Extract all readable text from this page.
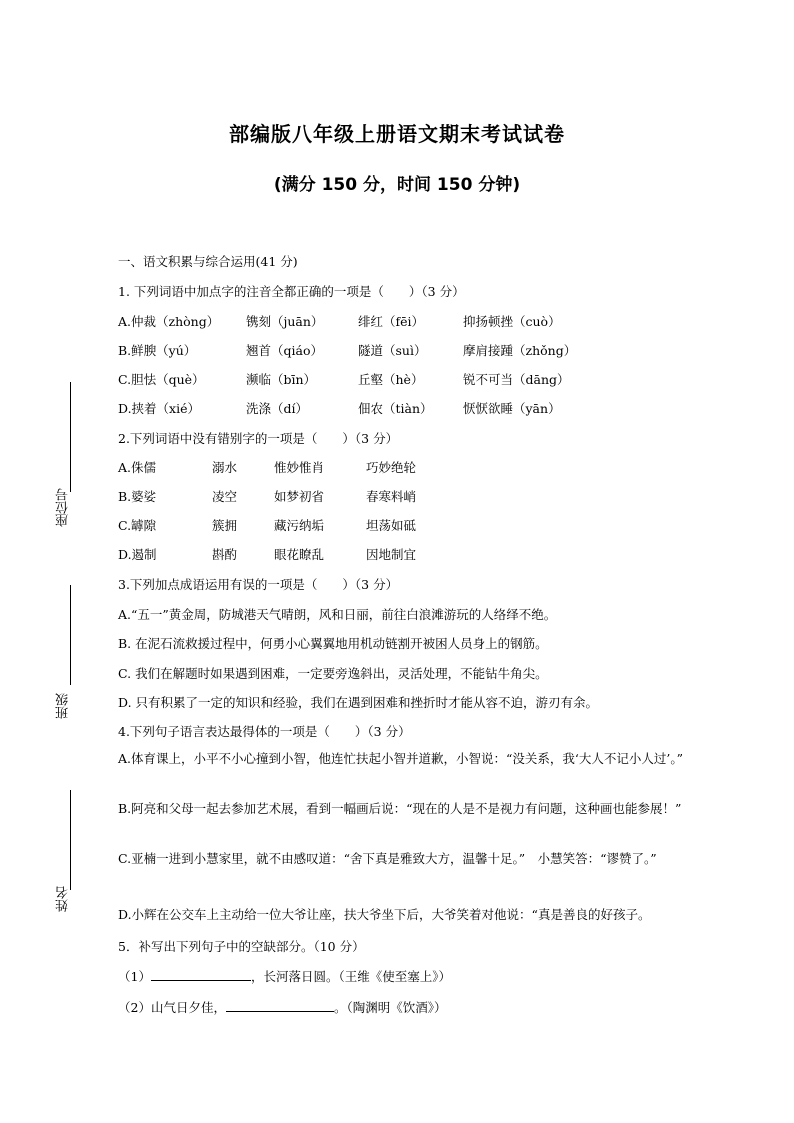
座位号
班级
姓名
部编版八年级上册语文期末考试试卷
(满分 150 分，时间 150 分钟)
一、语文积累与综合运用(41 分)
1. 下列词语中加点字的注音全都正确的一项是（　　）（3 分）
A.仲裁（zhòng） 镌刻（juān）	绯红（fēi）	抑扬顿挫（cuò）
B.鲜腴（yú）	翘首（qiáo）	隧道（suì）	摩肩接踵（zhǒng）
C.胆怯（què）	濒临（bīn）	丘壑（hè）	锐不可当（dāng）
D.挟着（xié）	洗涤（dí）	佃农（tiàn） 恹恹欲睡（yān）
2.下列词语中没有错别字的一项是（　　）（3 分）
A.侏儒	溺水	惟妙惟肖	巧妙绝轮
B.婆娑	凌空	如梦初省	春寒料峭
C.罅隙	簇拥	藏污纳垢	坦荡如砥
D.遏制	斟酌	眼花瞭乱	因地制宜
3.下列加点成语运用有误的一项是（　　）（3 分）
A.“五一”黄金周，防城港天气晴朗，风和日丽，前往白浪滩游玩的人络绎不绝。
B. 在泥石流救援过程中，何勇小心翼翼地用机动链割开被困人员身上的钢筋。
C. 我们在解题时如果遇到困难，一定要旁逸斜出，灵活处理，不能钻牛角尖。
D. 只有积累了一定的知识和经验，我们在遇到困难和挫折时才能从容不迫，游刃有余。
4.下列句子语言表达最得体的一项是（　　）（3 分）
A.体育课上，小平不小心撞到小智，他连忙扶起小智并道歉，小智说：“没关系，我‘大人不记小人过’。”
B.阿亮和父母一起去参加艺术展，看到一幅画后说：“现在的人是不是视力有问题，这种画也能参展！”
C.亚楠一进到小慧家里，就不由感叹道：“舍下真是雅致大方，温馨十足。”　小慧笑答：“谬赞了。”
D.小辉在公交车上主动给一位大爷让座，扶大爷坐下后，大爷笑着对他说：“真是善良的好孩子。
5．补写出下列句子中的空缺部分。（10 分）
（1）	，长河落日圆。（王维《使至塞上》）
（2）山气日夕佳，	。（陶渊明《饮酒》）
